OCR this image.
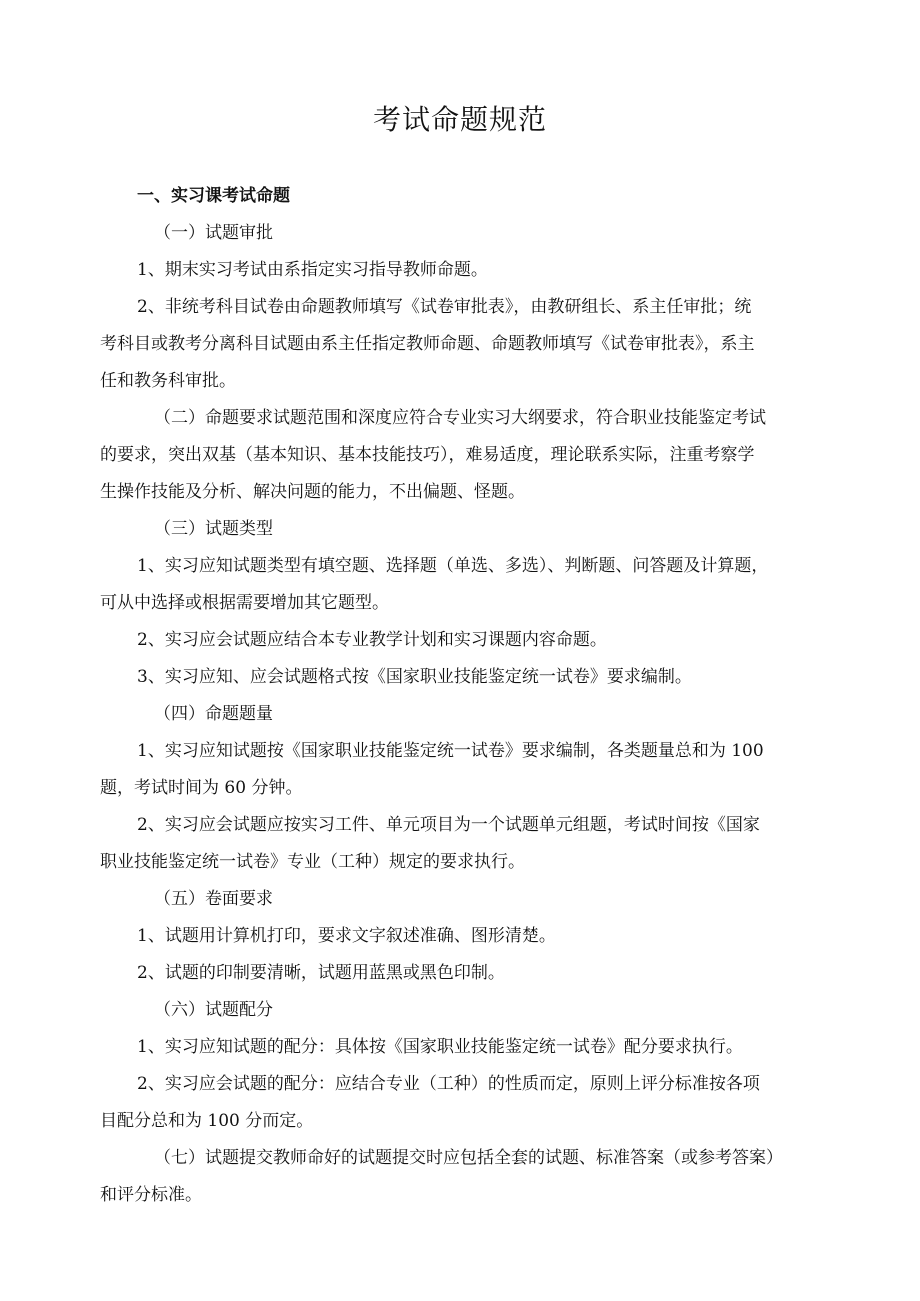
考试命题规范

一、实习课考试命题

（一）试题审批

1、期末实习考试由系指定实习指导教师命题。

2、非统考科目试卷由命题教师填写《试卷审批表》，由教研组长、系主任审批；统
考科目或教考分离科目试题由系主任指定教师命题、命题教师填写《试卷审批表》，系主
任和教务科审批。
（二）命题要求试题范围和深度应符合专业实习大纲要求，符合职业技能鉴定考试
的要求，突出双基（基本知识、基本技能技巧），难易适度，理论联系实际，注重考察学
生操作技能及分析、解决问题的能力，不出偏题、怪题。

（三）试题类型

1、实习应知试题类型有填空题、选择题（单选、多选）、判断题、问答题及计算题，
可从中选择或根据需要增加其它题型。

2、实习应会试题应结合本专业教学计划和实习课题内容命题。

3、实习应知、应会试题格式按《国家职业技能鉴定统一试卷》要求编制。

（四）命题题量

1、实习应知试题按《国家职业技能鉴定统一试卷》要求编制，各类题量总和为 100
题，考试时间为 60 分钟。
2、实习应会试题应按实习工件、单元项目为一个试题单元组题，考试时间按《国家
职业技能鉴定统一试卷》专业（工种）规定的要求执行。

（五）卷面要求

1、试题用计算机打印，要求文字叙述准确、图形清楚。

2、试题的印制要清晰，试题用蓝黑或黑色印制。

（六）试题配分

1、实习应知试题的配分：具体按《国家职业技能鉴定统一试卷》配分要求执行。

2、实习应会试题的配分：应结合专业（工种）的性质而定，原则上评分标准按各项
目配分总和为 100 分而定。
（七）试题提交教师命好的试题提交时应包括全套的试题、标准答案（或参考答案）
和评分标准。
